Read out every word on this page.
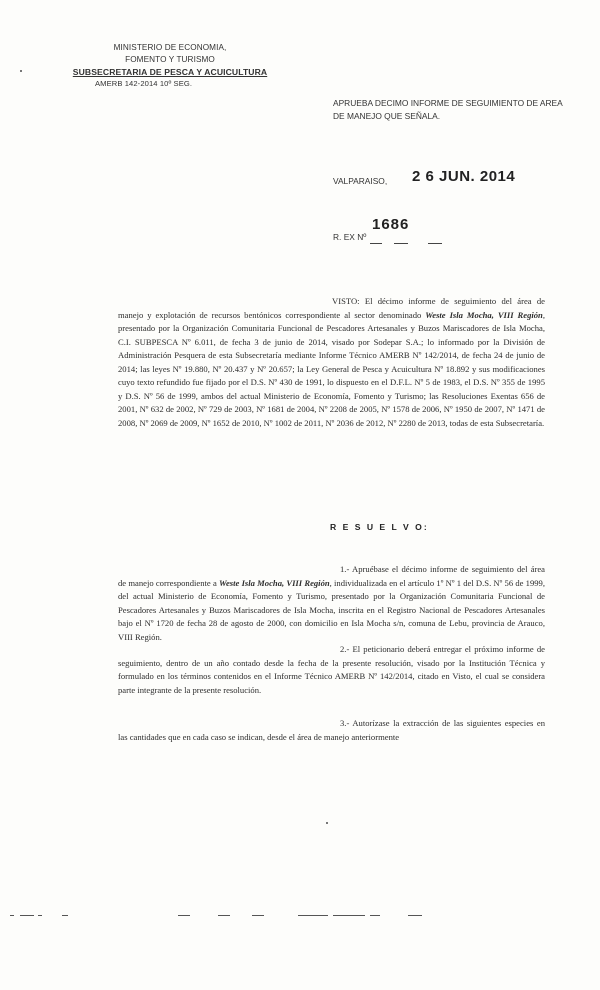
MINISTERIO DE ECONOMIA,
FOMENTO Y TURISMO
SUBSECRETARIA DE PESCA Y ACUICULTURA
AMERB 142-2014 10º SEG.
APRUEBA DECIMO INFORME DE SEGUIMIENTO DE AREA DE MANEJO QUE SEÑALA.
VALPARAISO, 2 6 JUN. 2014
R. EX Nº
1686

VISTO: El décimo informe de seguimiento del área de manejo y explotación de recursos bentónicos correspondiente al sector denominado Weste Isla Mocha, VIII Región, presentado por la Organización Comunitaria Funcional de Pescadores Artesanales y Buzos Mariscadores de Isla Mocha, C.I. SUBPESCA Nº 6.011, de fecha 3 de junio de 2014, visado por Sodepar S.A.; lo informado por la División de Administración Pesquera de esta Subsecretaría mediante Informe Técnico AMERB Nº 142/2014, de fecha 24 de junio de 2014; las leyes Nº 19.880, Nº 20.437 y Nº 20.657; la Ley General de Pesca y Acuicultura Nº 18.892 y sus modificaciones cuyo texto refundido fue fijado por el D.S. Nº 430 de 1991, lo dispuesto en el D.F.L. Nº 5 de 1983, el D.S. Nº 355 de 1995 y D.S. Nº 56 de 1999, ambos del actual Ministerio de Economía, Fomento y Turismo; las Resoluciones Exentas 656 de 2001, Nº 632 de 2002, Nº 729 de 2003, Nº 1681 de 2004, Nº 2208 de 2005, Nº 1578 de 2006, Nº 1950 de 2007, Nº 1471 de 2008, Nº 2069 de 2009, Nº 1652 de 2010, Nº 1002 de 2011, Nº 2036 de 2012, Nº 2280 de 2013, todas de esta Subsecretaría.

R E S U E L V O:

1.- Apruébase el décimo informe de seguimiento del área de manejo correspondiente a Weste Isla Mocha, VIII Región, individualizada en el artículo 1º Nº 1 del D.S. Nº 56 de 1999, del actual Ministerio de Economía, Fomento y Turismo, presentado por la Organización Comunitaria Funcional de Pescadores Artesanales y Buzos Mariscadores de Isla Mocha, inscrita en el Registro Nacional de Pescadores Artesanales bajo el Nº 1720 de fecha 28 de agosto de 2000, con domicilio en Isla Mocha s/n, comuna de Lebu, provincia de Arauco, VIII Región.

2.- El peticionario deberá entregar el próximo informe de seguimiento, dentro de un año contado desde la fecha de la presente resolución, visado por la Institución Técnica y formulado en los términos contenidos en el Informe Técnico AMERB Nº 142/2014, citado en Visto, el cual se considera parte integrante de la presente resolución.

3.- Autorízase la extracción de las siguientes especies en las cantidades que en cada caso se indican, desde el área de manejo anteriormente
